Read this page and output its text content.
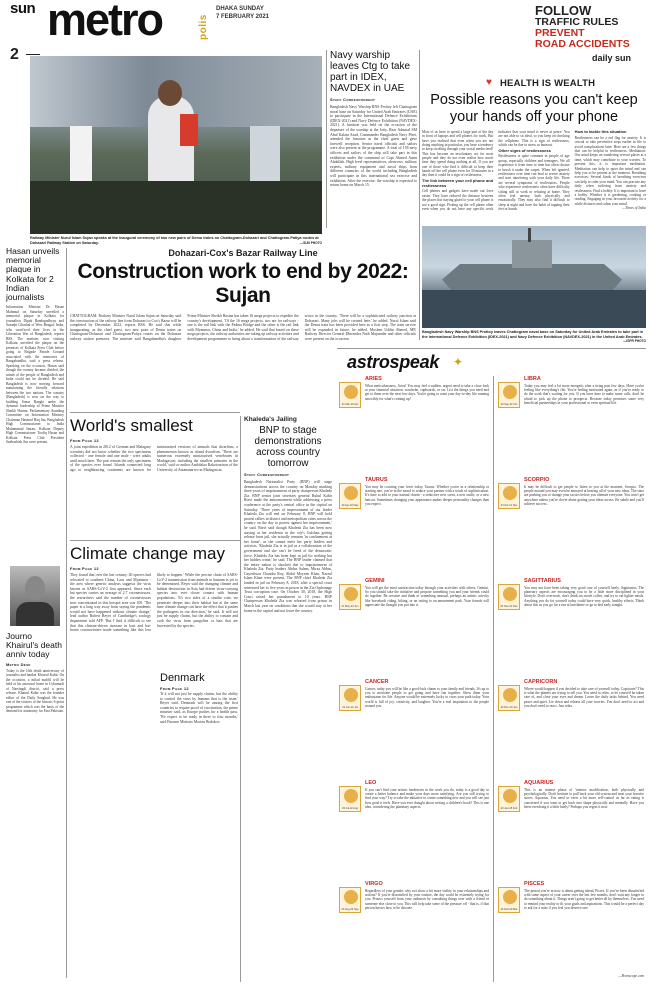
sun metro	polis
DHAKA SUNDAY
7 FEBRUARY 2021
2
FOLLOW
TRAFFIC RULES
PREVENT
ROAD ACCIDENTS
daily sun
Railway Minister Nurul Islam Sujan speaks at the inaugural ceremony of two new pairs of Demu trains on Chattogram-Dohazari and Chattogram-Patiya routes at Dohazari Railway Station on Saturday.	—SUN PHOTO
Navy warship leaves Ctg to take part in IDEX, NAVDEX in UAE
Staff Correspondent
Bangladesh Navy Warship BNS Prottoy left Chattogram naval base on Saturday for United Arab Emirates (UAE) to participate in the International Defence Exhibitions (IDEX-2021) and Navy Defence Exhibition (NAVDEX-2021). A function was held on the occasion of the departure of the warship at the Jetty. Rear Admiral SM Abul Kalam Azad, Commander Bangladesh Navy Fleet, attended the function as the chief guest and gave farewell reception. Senior naval officials and sailors were also present at the programme. A total of 158 navy officers and sailors of the ship will take part in this exhibition under the command of Capt Ahmed Amin Abdullah. High level representatives, observers, military experts, military equipment and naval ships from different countries of the world including Bangladesh will participate in this international sea exercise and exhibition. After the exercise, the warship is expected to return home on March 15.
♥ HEALTH IS WEALTH
Possible reasons you can't keep your hands off your phone
Most of us have to spend a large part of the day in front of laptops and cell phones for work. But have you realised that even when you are not doing anything in particular, you have a tendency to keep scrolling through your social media feed? This has become an involuntary act for most people and they do not even realise how much time they spend doing nothing at all. If you are one of those who find it difficult to keep their hands off the cell phone even for 30 minutes in a day then it could be a sign of restlessness.
The link between your cell phone and restlessness
Cell phones and gadgets have made our lives easier. They have reduced the distance between the places but staying glued to your cell phone is not a good sign. Picking up the cell phone often even when you do not have any specific work indicates that your mind is never at peace. You are not able to sit ideal, so you keep on checking the cellphone. This is a sign of restlessness, which can be due to stress or burnout.
Other signs of restlessness
Restlessness is quite common in people of age group, especially children and teenagers. We all experience it from time to time but often choose to brush it under the carpet. When left ignored, restlessness over time can lead to severe anxiety and start interfering with your daily life. There are several symptoms of restlessness. People who experience restlessness often have difficulty sitting still at work or relaxing at home. They often feel uneasy, both physically and emotionally. They may also find it difficult to sleep at night and have the habit of tapping their feet or hands.
How to tackle this situation
Restlessness can be a red flag for anxiety. It is crucial to take preventive steps earlier in life to avoid complications later. Here are a few things that can be helpful in restlessness. Meditation: Our mind keeps on wandering several places at a time, which may contribute to your worries. To prevent this, it is important meditation. Meditation can help to quiet the mind and can help you to be present at the moment. Breathing exercises: Several kinds of breathing exercises can help to calm your mind. You can practise any daily when suffering from anxiety and restlessness. Find a hobby: It is important to have a hobby. Whether it is gardening, cooking or reading. Engaging in your favourite activity for a while distracts and calms your mind.
—Times of India
Bangladesh Navy Warship BNS Prottoy leaves Chattogram naval base on Saturday for United Arab Emirates to take part in the International Defence Exhibition (IDEX-2021) and Navy Defence Exhibition (NAVDEX-2021) in the United Arab Emirates.
—ISPR PHOTO
Hasan unveils memorial plaque in Kolkata for 2 Indian journalists
Information Minister Dr Hasan Mahmud on Saturday unveiled a memorial plaque in Kolkata for journalists Dipak Bandopadhyay and Suranjit Ghoshal of West Bengal, India, who sacrificed their lives in the Liberation War of Bangladesh, reports BSS. The minister, now visiting Kolkata, unveiled the plaque on the premises of Kolkata Press Club before going to Brigade Parade Ground associated with the memories of Bangabandhu, said a press release. Speaking on the occasion, Hasan said though the country became divided, the minds of the people of Bangladesh and India could not be divided. He said Bangladesh is now moving forward maintaining the friendly relations between the two nations. The country (Bangladesh) is now on the way to building Sonar Bangla under the dynamic leadership of Prime Minister Sheikh Hasina. Parliamentary Standing Committee on Information Ministry Chairman Hasanul Haq Inu, Bangladesh High Commissioner to India Muhammad Imran, Kolkata Deputy High Commissioner Toufiq Hasan and Kolkata Press Club President Snehashish Sur were present.
Dohazari-Cox's Bazar Railway Line
Construction work to end by 2022: Sujan
CHATTOGRAM: Railway Minister Nurul Islam Sujan on Saturday said the construction of the railway line from Dohazari to Cox's Bazar will be completed by December 2022, reports BSS. He said this while inaugurating, as the chief guest, two new pairs of Demu trains on Chattogram-Dohazari and Chattogram-Patiya routes on the Dohazari railway station premises. The minister said Bangabandhu's daughter Prime Minister Sheikh Hasina has taken 16 mega projects to expedite the country's development. 'Of the 16 mega projects, two are for railways - one is the rail link with the Padma Bridge and the other is the rail link with Myanmar, China and India,' he added. He said that based on these mega projects, the railway authorities are taking up railway activities and development programmes to bring about a transformation of the railway sector in the country. 'There will be a sophisticated railway junction at Dohazari. Many jobs will be created here,' he added. Nurul Islam said the Demu train has been provided here as a first step. The train service will be expanded in future, he added. Moslem Uddin Ahmed, MP, Railway Director General Dhirendra Nath Majumder and other officials were present on the occasion.
World's smallest
From Page 12
A joint expedition in 2012 of German and Malagasy scientists did not know whether the two specimens collected - one female and one male - were adults until much later. The pair remain the only specimens of the species ever found. Islands connected long ago to neighbouring continents are known for miniaturised versions of animals that dwarfism, a phenomenon known as island dwarfism. 'There are numerous extremely miniaturised vertebrates in Madagascar, including the smallest primates in the world,' said co-author Andolalao Rakotoarison of the University of Antananarivo in Madagascar.
Climate change may
From Page 12
They found that over the last century, 40 species had relocated to southern China, Laos and Myanmar - the area where genetic analysis suggests the virus known as SARS-CoV-2 first appeared. Since each bat species carries an average of 2.7 coronaviruses, the researchers said the number of coronaviruses now concentrated in this hotspot area was 100. 'The paper is a long way away from saying the pandemic would not have happened without climate change,' lead author Robert Beyer of Cambridge's zoology department told AFP. 'But I find it difficult to see that this climate-driven increase in bats and bat-borne coronaviruses made something like this less likely to happen.' While the precise chain of SARS-CoV-2 transmission from animals to humans is yet to be determined, Beyer said the changing climate and habitat destruction in Asia had driven virus-carrying species into ever closer contact with human populations. 'It's two sides of a similar coin; we penetrate deeper into their habitat but at the same time climate change can have the effect that it pushes the pathogens in our direction,' he said. It will not just be supply chains, but the ability to contain and curb the virus from pangolins or bats that are harvested by the species.
Denmark
From Page 12
'If it will not just be supply chains, but the ability to control the virus by humans that is the issue,' Beyer said. Denmark will be among the first countries to require proof of vaccination, the prime minister said, as Europe pushes for a health pass. 'We expect to be ready in three to four months,' said Finance Minister Morten Bodskov.
Journo Khairul's death anniv today
Metro Desk
Today is the 16th death anniversary of journalist and banker Khairul Kabir. On the occasion, a milad mahfil will be held at his ancestral home in Uchumadi of Narsingdi district, said a press release. Khairul Kabir was the founder editor of the Daily Songbad. He was one of the visitors of the historic 6-point programme which was the basis of the demand for autonomy for East Pakistan.
Khaleda's Jailing
BNP to stage demonstrations across country tomorrow
Staff Correspondent
Bangladesh Nationalist Party (BNP) will stage demonstrations across the country on Monday marking three years of imprisonment of party chairperson Khaleda Zia. BNP senior joint secretary general Ruhul Kabir Rizvi made the announcement while addressing a press conference at the party's central office in the capital on Saturday. 'Three years of imprisonment of our leader Khaleda Zia will end on February 8. BNP will hold protest rallies in district and metropolitan cities across the country on the day to protest against her imprisonment,' he said. Rizvi said though Khaleda Zia has been now staying at her residence in the city's Gulshan getting release from jail, she actually remains 'in confinement at her home', as she cannot meet her party leaders and activists. 'Khaleda Zia is in jail as a collaboration of the government and she can't be freed of the democratic force. Khaleda Zia has been kept in jail for nothing but her hidden crime,' he said. The BNP leader claimed that the entire nation is shocked due to imprisonment of Khaleda Zia. Party leaders Abdus Salam, Mirza Abbas, Gayeshwar Chandra Roy, Abdul Moyeen Khan, Nazrul Islam Khan were present. The BNP chief Khaleda Zia landed in jail on February 8, 2018, after a special court sentenced her to five years in prison in the Zia Orphanage Trust corruption case. On October 30, 2018, the High Court raised her punishment to 10 years. BNP Chairperson Khaleda Zia was released from prison in March last year on conditions that she would stay at her home in the capital and not leave the country.
astrospeak	✦
21 Mar-19 Apr
ARIES
What meticulousness, Aries! You may feel a sudden, urgent need to take a close look at your financial situation, wardrobe, cupboards, or car. List the things you need and get to them over the next few days. You're going to want your day-to-day life running smoothly for what's coming up!
20 Apr-20 May
TAURUS
You may be courting your lover today, Taurus. Whether you're in a relationship or starting one, you're in the mood to seduce your partner with a touch of sophistication. It's time to add to your natural charm - a seductive new scent, a new outfit, or a new haircut. Sometimes changing your appearance makes deeper personality changes than you expect.
21 May-20 Jun
GEMINI
You will get the most satisfaction today through your activities with others, Gemini. So you should take the initiative and propose something you and your friends could do together. Be creative and think of something unusual, perhaps an artistic activity like horseback riding, hiking, or an outing to an amusement park. Your friends will appreciate the thought you put into it.
21 Jun-22 Jul
CANCER
Cancer, today you will be like a good-luck charm to your family and friends. It's up to you to motivate people to get going and have fun together. Show them your enthusiasm for life. Anyone would be extremely lucky to cross your path today. Your world is full of joy, creativity, and laughter. You're a real inspiration to the people around you.
23 Jul-22 Aug
LEO
If you can't find your artistic tendencies in the work you do, today is a good day to create a better balance and make your days more satisfying. Are you still trying to find your way? Try to take the initiative to create something new and you will see just how good it feels. Have you ever thought about writing a children's book? This is one idea, considering the planetary aspects.
23 Aug-22 Sep
VIRGO
Regardless of your gender, why not show a bit more virility in your relationships and actions? If you're dissatisfied by your routine, the day could be extremely trying for you. Protect yourself from your outbursts by consulting things over with a friend or someone else close to you. This will help take some of the pressure off - that is, if that person knows how to be discrete.
23 Sep-22 Oct
LIBRA
Today you may feel a lot more energetic after a tiring past few days. Have you're feeling like everything's flat. You're feeling motivated again, as if you're ready to do the work that's waiting for you. If you have time to make some calls, don't be afraid to pick up the phone to prospects. Because today promises some very beneficial partnerships in your professional or even spiritual life.
23 Oct-21 Nov
SCORPIO
It may be difficult to get people to listen to you at the moment, Scorpio. The people around you may even be annoyed at hearing all of your new ideas. The stars are pushing you to change your tactics before you alienate everyone. You won't get anywhere unless you're clever about getting your ideas across. Be subtle and you'll achieve success.
22 Nov-21 Dec
SAGITTARIUS
You may not have been taking very good care of yourself lately, Sagittarius. The planetary aspects are encouraging you to be a little more disciplined in your lifestyle. Don't overwork, don't drink too much coffee, and try to eat lighter meals. Anything you do for yourself today could have very quick, healthy effects. Think about this as you go for a run at lunchtime or go to bed early tonight.
22 Dec-19 Jan
CAPRICORN
Where would happen if you decided to take care of yourself today, Capricorn? This is what the planets are trying to tell you. You need to relax, to let yourself be taken care of, and close your eyes and dream. Leave the daily tasks behind. You need peace and quiet. Lie down and release all your worries. You don't need to act and you don't need to react. Just relax.
20 Jan-18 Feb
AQUARIUS
This is an intense phase of 'interior modification, both physically and psychologically. Don't hesitate to pull back your old system and treat your favorite stores. Aquarius. You need to exert a bit more self-control as far as eating is concerned if you want to get back into shape physically and mentally. Have you been overdoing it a little lately? Perhaps you regret it now.
19 Feb-20 Mar
PISCES
The period you're in now is about getting ahead, Pisces. If you've been dissatisfied with some aspect of your career over the last few months, don't wait any longer to do something about it. Things aren't going to get better all by themselves. You need to remind your reality to fit your goals and aspirations. This would be a perfect day to ask for a raise if you feel you deserve one.
—Horoscope.com
